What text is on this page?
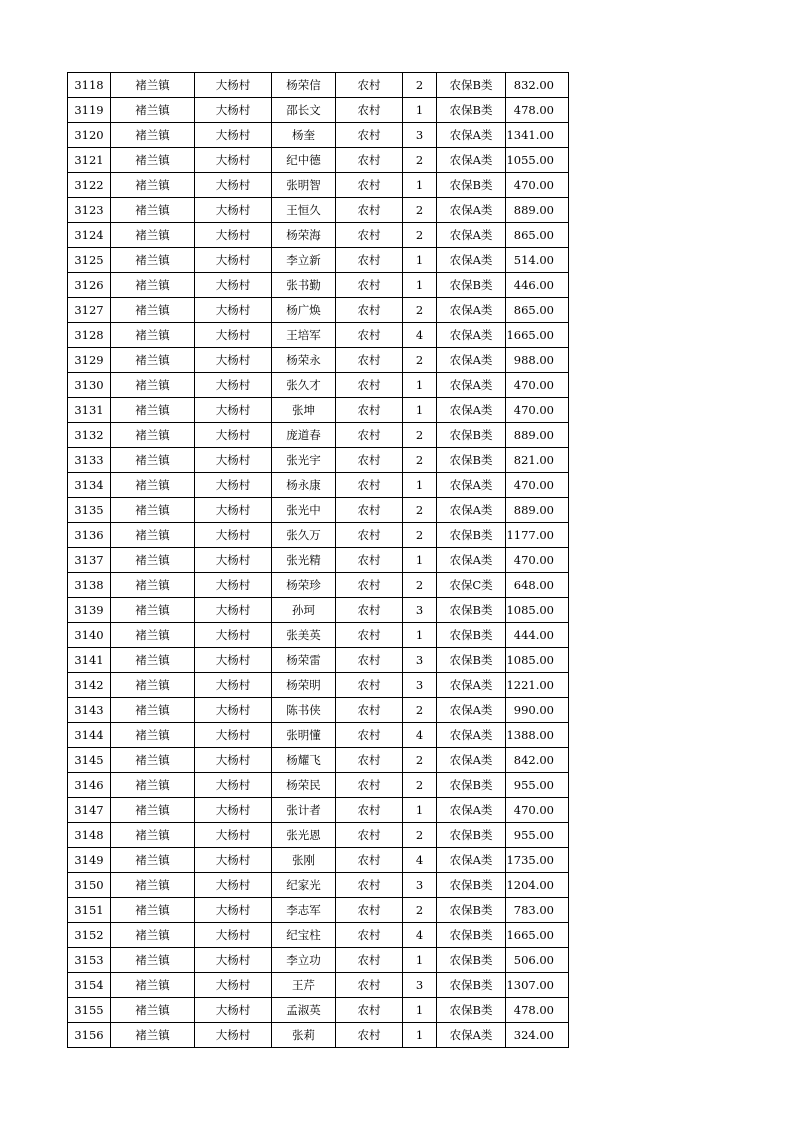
3118	褚兰镇	大杨村	杨荣信	农村	2	农保B类	832.00
3119	褚兰镇	大杨村	邵长文	农村	1	农保B类	478.00
3120	褚兰镇	大杨村	杨奎	农村	3	农保A类	1341.00
3121	褚兰镇	大杨村	纪中德	农村	2	农保A类	1055.00
3122	褚兰镇	大杨村	张明智	农村	1	农保B类	470.00
3123	褚兰镇	大杨村	王恒久	农村	2	农保A类	889.00
3124	褚兰镇	大杨村	杨荣海	农村	2	农保A类	865.00
3125	褚兰镇	大杨村	李立新	农村	1	农保A类	514.00
3126	褚兰镇	大杨村	张书勤	农村	1	农保B类	446.00
3127	褚兰镇	大杨村	杨广焕	农村	2	农保A类	865.00
3128	褚兰镇	大杨村	王培军	农村	4	农保A类	1665.00
3129	褚兰镇	大杨村	杨荣永	农村	2	农保A类	988.00
3130	褚兰镇	大杨村	张久才	农村	1	农保A类	470.00
3131	褚兰镇	大杨村	张坤	农村	1	农保A类	470.00
3132	褚兰镇	大杨村	庞道春	农村	2	农保B类	889.00
3133	褚兰镇	大杨村	张光宇	农村	2	农保B类	821.00
3134	褚兰镇	大杨村	杨永康	农村	1	农保A类	470.00
3135	褚兰镇	大杨村	张光中	农村	2	农保A类	889.00
3136	褚兰镇	大杨村	张久万	农村	2	农保B类	1177.00
3137	褚兰镇	大杨村	张光精	农村	1	农保A类	470.00
3138	褚兰镇	大杨村	杨荣珍	农村	2	农保C类	648.00
3139	褚兰镇	大杨村	孙珂	农村	3	农保B类	1085.00
3140	褚兰镇	大杨村	张美英	农村	1	农保B类	444.00
3141	褚兰镇	大杨村	杨荣雷	农村	3	农保B类	1085.00
3142	褚兰镇	大杨村	杨荣明	农村	3	农保A类	1221.00
3143	褚兰镇	大杨村	陈书侠	农村	2	农保A类	990.00
3144	褚兰镇	大杨村	张明懂	农村	4	农保A类	1388.00
3145	褚兰镇	大杨村	杨耀飞	农村	2	农保A类	842.00
3146	褚兰镇	大杨村	杨荣民	农村	2	农保B类	955.00
3147	褚兰镇	大杨村	张计者	农村	1	农保A类	470.00
3148	褚兰镇	大杨村	张光恩	农村	2	农保B类	955.00
3149	褚兰镇	大杨村	张刚	农村	4	农保A类	1735.00
3150	褚兰镇	大杨村	纪家光	农村	3	农保B类	1204.00
3151	褚兰镇	大杨村	李志军	农村	2	农保B类	783.00
3152	褚兰镇	大杨村	纪宝柱	农村	4	农保B类	1665.00
3153	褚兰镇	大杨村	李立功	农村	1	农保B类	506.00
3154	褚兰镇	大杨村	王芹	农村	3	农保B类	1307.00
3155	褚兰镇	大杨村	孟淑英	农村	1	农保B类	478.00
3156	褚兰镇	大杨村	张莉	农村	1	农保A类	324.00
